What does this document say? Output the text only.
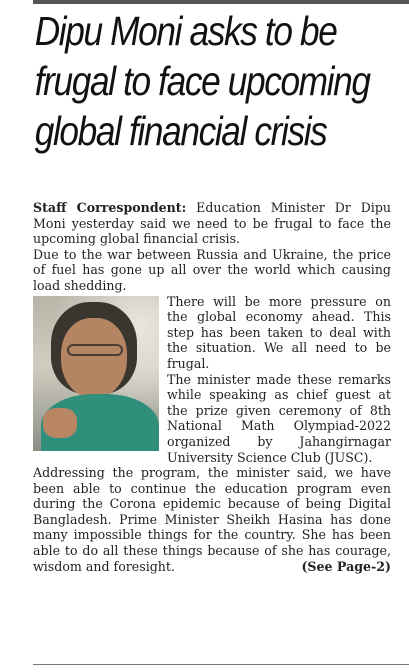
Dipu Moni asks to be
frugal to face upcoming
global financial crisis

Staff Correspondent: Education Minister Dr Dipu Moni yesterday said we need to be frugal to face the upcoming global financial crisis.

Due to the war between Russia and Ukraine, the price of fuel has gone up all over the world which causing load shedding.

There will be more pressure on the global economy ahead. This step has been taken to deal with the situation. We all need to be frugal.

The minister made these remarks while speaking as chief guest at the prize given ceremony of 8th National Math Olympiad-2022 organized by Jahangirnagar University Science Club (JUSC).

Addressing the program, the minister said, we have been able to continue the education program even during the Corona epidemic because of being Digital Bangladesh. Prime Minister Sheikh Hasina has done many impossible things for the country. She has been able to do all these things because of she has courage, wisdom and foresight.	(See Page-2)
